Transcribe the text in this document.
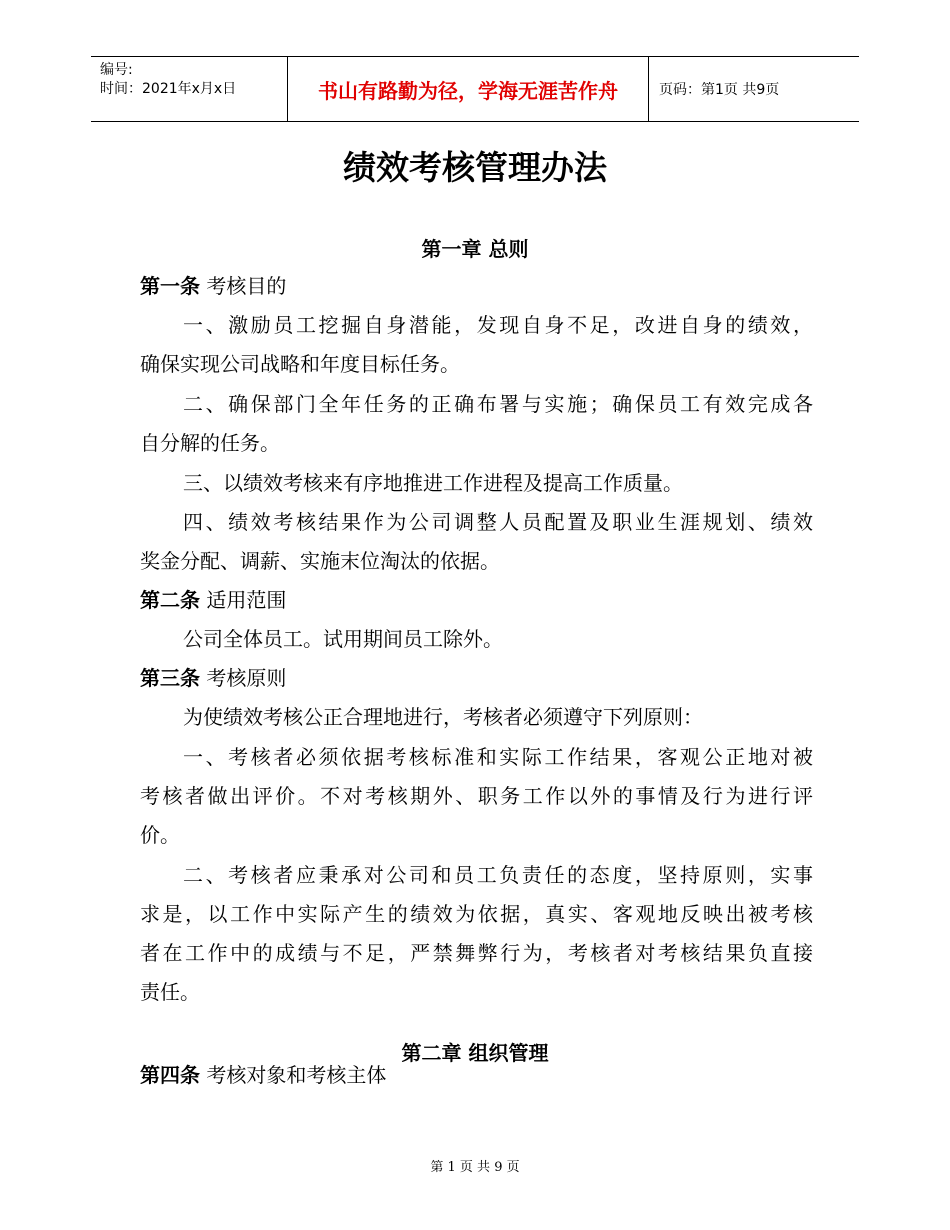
编号:
时间：2021年x月x日	书山有路勤为径，学海无涯苦作舟	页码：第1页 共9页
绩效考核管理办法
第一章 总则
第一条 考核目的
一、激励员工挖掘自身潜能，发现自身不足，改进自身的绩效，
确保实现公司战略和年度目标任务。
二、确保部门全年任务的正确布署与实施；确保员工有效完成各
自分解的任务。
三、以绩效考核来有序地推进工作进程及提高工作质量。
四、绩效考核结果作为公司调整人员配置及职业生涯规划、绩效
奖金分配、调薪、实施末位淘汰的依据。
第二条 适用范围
公司全体员工。试用期间员工除外。
第三条 考核原则
为使绩效考核公正合理地进行，考核者必须遵守下列原则：
一、考核者必须依据考核标准和实际工作结果，客观公正地对被
考核者做出评价。不对考核期外、职务工作以外的事情及行为进行评
价。
二、考核者应秉承对公司和员工负责任的态度，坚持原则，实事
求是，以工作中实际产生的绩效为依据，真实、客观地反映出被考核
者在工作中的成绩与不足，严禁舞弊行为，考核者对考核结果负直接
责任。
第二章 组织管理
第四条 考核对象和考核主体
第 1 页 共 9 页
